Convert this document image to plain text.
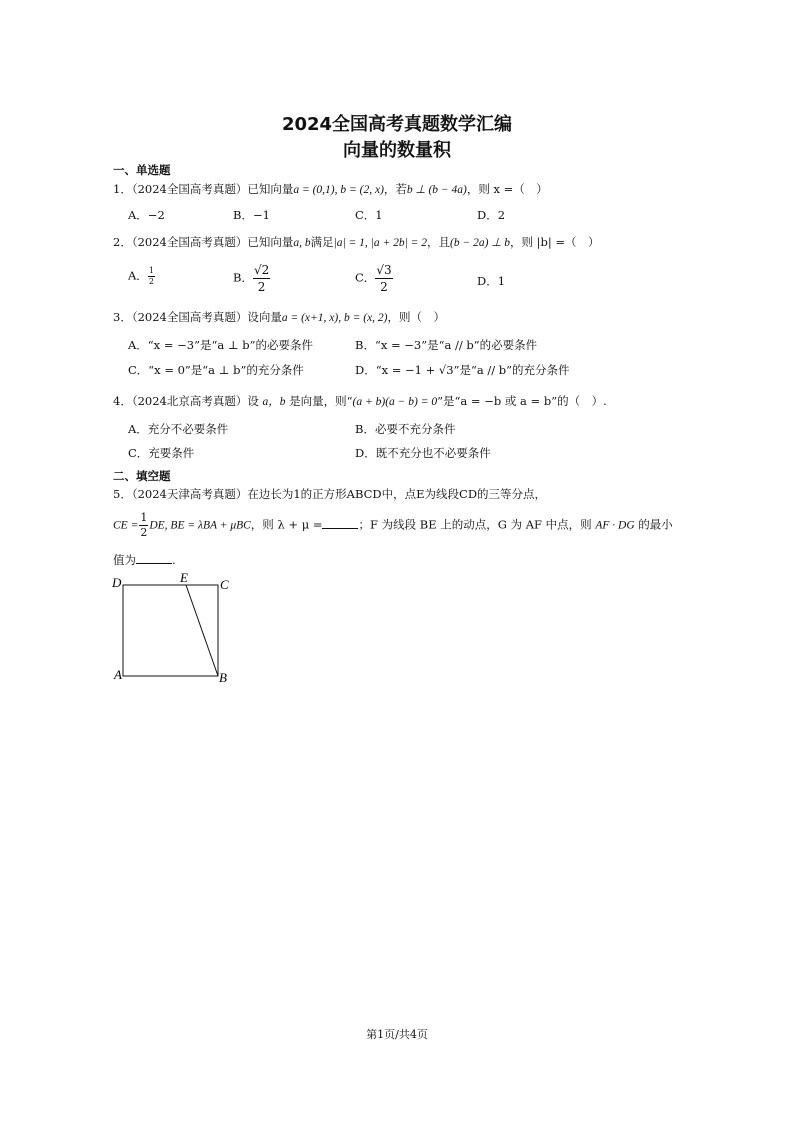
2024全国高考真题数学汇编
向量的数量积
一、单选题
1．（2024全国高考真题）已知向量a = (0,1), b = (2, x)，若b ⊥ (b − 4a)，则 x =（　）
A．−2	B．−1	C．1	D．2
2．（2024全国高考真题）已知向量a, b满足|a| = 1, |a + 2b| = 2，且(b − 2a) ⊥ b，则 |b| =（　）
A． $\frac{1}{2}$	B． $\frac{√2}{2}$	C． $\frac{√3}{2}$	D．1
3．（2024全国高考真题）设向量a = (x+1, x), b = (x, 2)，则（　）
A．“x = −3”是“a ⊥ b”的必要条件	B．“x = −3”是“a // b”的必要条件
C．“x = 0”是“a ⊥ b”的充分条件	D．“x = −1 + √3”是“a // b”的充分条件
4．（2024北京高考真题）设 a，b 是向量，则“(a + b)(a − b) = 0”是“a = −b 或 a = b”的（　）.
A．充分不必要条件	B．必要不充分条件
C．充要条件	D．既不充分也不必要条件
二、填空题
5．（2024天津高考真题）在边长为1的正方形ABCD中，点E为线段CD的三等分点，
CE = $\frac{1}{2}$ DE, BE = λBA + μBC，则 λ + μ =	；F 为线段 BE 上的动点，G 为 AF 中点，则 AF · DG 的最小
值为	.
D	E C
A	B
第1页/共4页
